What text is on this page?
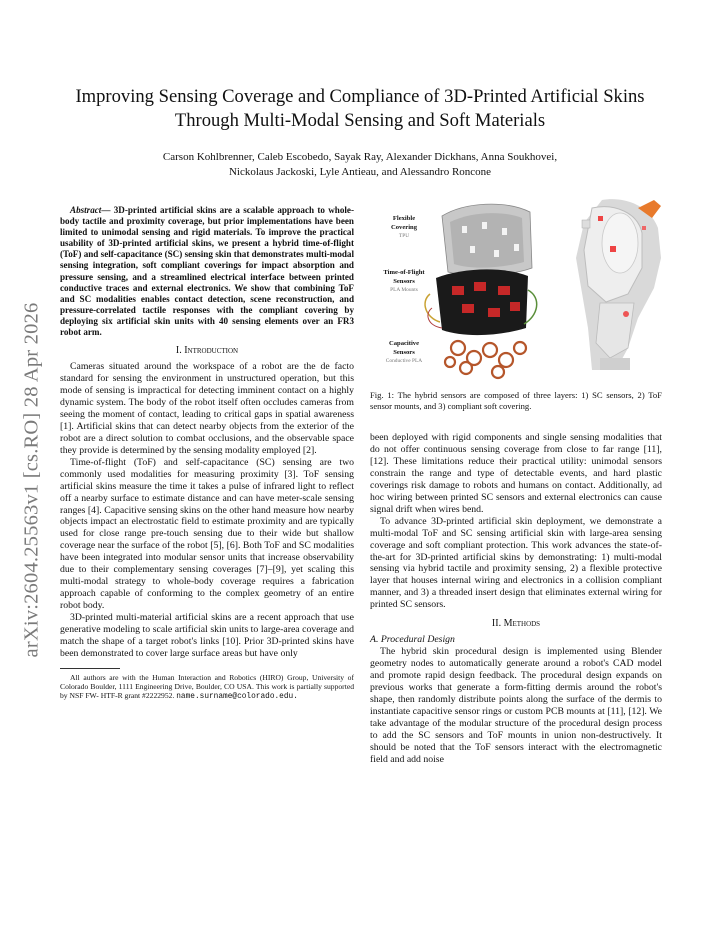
arXiv:2604.25563v1 [cs.RO] 28 Apr 2026
Improving Sensing Coverage and Compliance of 3D-Printed Artificial Skins
Through Multi-Modal Sensing and Soft Materials
Carson Kohlbrenner, Caleb Escobedo, Sayak Ray, Alexander Dickhans, Anna Soukhovei,
Nickolaus Jackoski, Lyle Antieau, and Alessandro Roncone

Abstract— 3D-printed artificial skins are a scalable approach to whole-body tactile and proximity coverage, but prior implementations have been limited to unimodal sensing and rigid materials. To improve the practical usability of 3D-printed artificial skins, we present a hybrid time-of-flight (ToF) and self-capacitance (SC) sensing skin that demonstrates multi-modal sensing integration, soft compliant coverings for impact absorption and pressure sensing, and a streamlined electrical interface between printed conductive traces and external electronics. We show that combining ToF and SC modalities enables contact detection, scene reconstruction, and pressure-correlated tactile responses with the compliant covering by deploying six artificial skin units with 40 sensing elements over an FR3 robot arm.

I. Introduction

Cameras situated around the workspace of a robot are the de facto standard for sensing the environment in unstructured operation, but this mode of sensing is impractical for detecting imminent contact on a highly dynamic system. The body of the robot itself often occludes cameras from seeing the moment of contact, leading to critical gaps in spatial awareness [1]. Artificial skins that can detect nearby objects from the exterior of the robot are a direct solution to combat occlusions, and the observable space they provide is determined by the sensing modality employed [2].

Time-of-flight (ToF) and self-capacitance (SC) sensing are two commonly used modalities for measuring proximity [3]. ToF sensing artificial skins measure the time it takes a pulse of infrared light to reflect off a nearby surface to estimate distance and can have meter-scale sensing ranges [4]. Capacitive sensing skins on the other hand measure how nearby objects impact an electrostatic field to estimate proximity and are typically used for close range pre-touch sensing due to their wide but shallow coverage near the surface of the robot [5], [6]. Both ToF and SC modalities have been integrated into modular sensor units that increase observability due to their complementary sensing coverages [7]–[9], yet scaling this multi-modal strategy to whole-body coverage requires a fabrication approach capable of conforming to the complex geometry of an entire robot body.

3D-printed multi-material artificial skins are a recent approach that use generative modeling to scale artificial skin units to large-area coverage and match the shape of a target robot's links [10]. Prior 3D-printed skins have been demonstrated to cover large surface areas but have only

All authors are with the Human Interaction and Robotics (HIRO) Group, University of Colorado Boulder, 1111 Engineering Drive, Boulder, CO USA. This work is partially supported by NSF FW- HTF-R grant #2222952. name.surname@colorado.edu.

Flexible
Covering
TPU
Time-of-Flight
Sensors
PLA Mounts
Capacitive
Sensors
Conductive PLA
Fig. 1: The hybrid sensors are composed of three layers: 1) SC sensors, 2) ToF sensor mounts, and 3) compliant soft covering.

been deployed with rigid components and single sensing modalities that do not offer continuous sensing coverage from close to far range [11], [12]. These limitations reduce their practical utility: unimodal sensors constrain the range and type of detectable events, and hard plastic coverings risk damage to robots and humans on contact. Additionally, ad hoc wiring between printed SC sensors and external electronics can cause signal drift when wires bend.

To advance 3D-printed artificial skin deployment, we demonstrate a multi-modal ToF and SC sensing artificial skin with large-area sensing coverage and soft compliant protection. This work advances the state-of-the-art for 3D-printed artificial skins by demonstrating: 1) multi-modal sensing via hybrid tactile and proximity sensing, 2) a flexible protective layer that houses internal wiring and electronics in a collision compliant manner, and 3) a threaded insert design that eliminates external wiring for printed SC sensors.

II. Methods

A. Procedural Design

The hybrid skin procedural design is implemented using Blender geometry nodes to automatically generate around a robot's CAD model and promote rapid design feedback. The procedural design expands on previous works that generate a form-fitting dermis around the robot's shape, then randomly distribute points along the surface of the dermis to instantiate capacitive sensor rings or custom PCB mounts at [11], [12]. We take advantage of the modular structure of the procedural design process to add the SC sensors and ToF mounts in union non-destructively. It should be noted that the ToF sensors interact with the electromagnetic field and add noise
